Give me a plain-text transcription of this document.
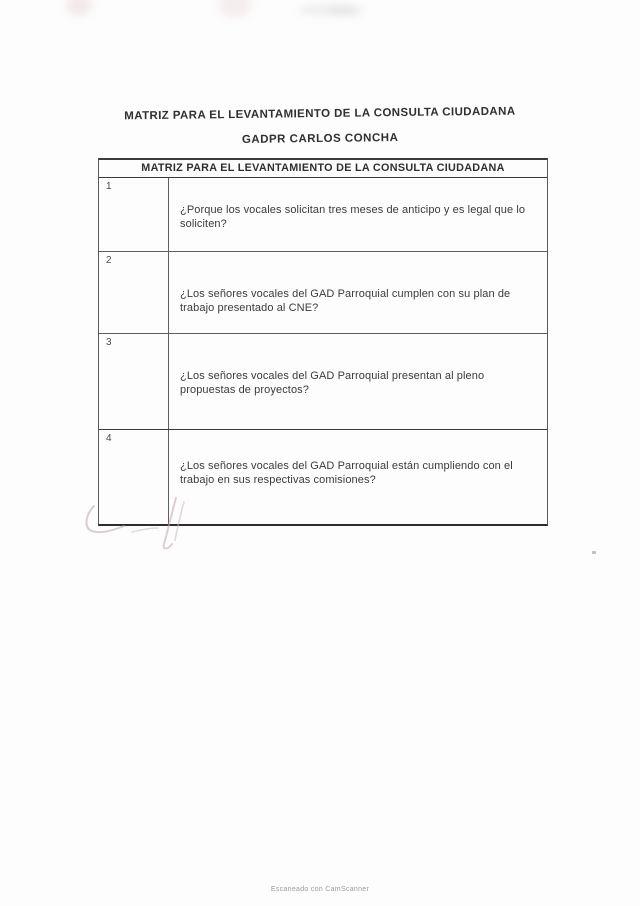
MATRIZ PARA EL LEVANTAMIENTO DE LA CONSULTA CIUDADANA
GADPR CARLOS CONCHA
MATRIZ PARA EL LEVANTAMIENTO DE LA CONSULTA CIUDADANA
1
¿Porque los vocales solicitan tres meses de anticipo y es legal que lo soliciten?
2
¿Los señores vocales del GAD Parroquial cumplen con su plan de trabajo presentado al CNE?
3
¿Los señores vocales del GAD Parroquial presentan al pleno propuestas de proyectos?
4
¿Los señores vocales del GAD Parroquial están cumpliendo con el trabajo en sus respectivas comisiones?
Escaneado con CamScanner
